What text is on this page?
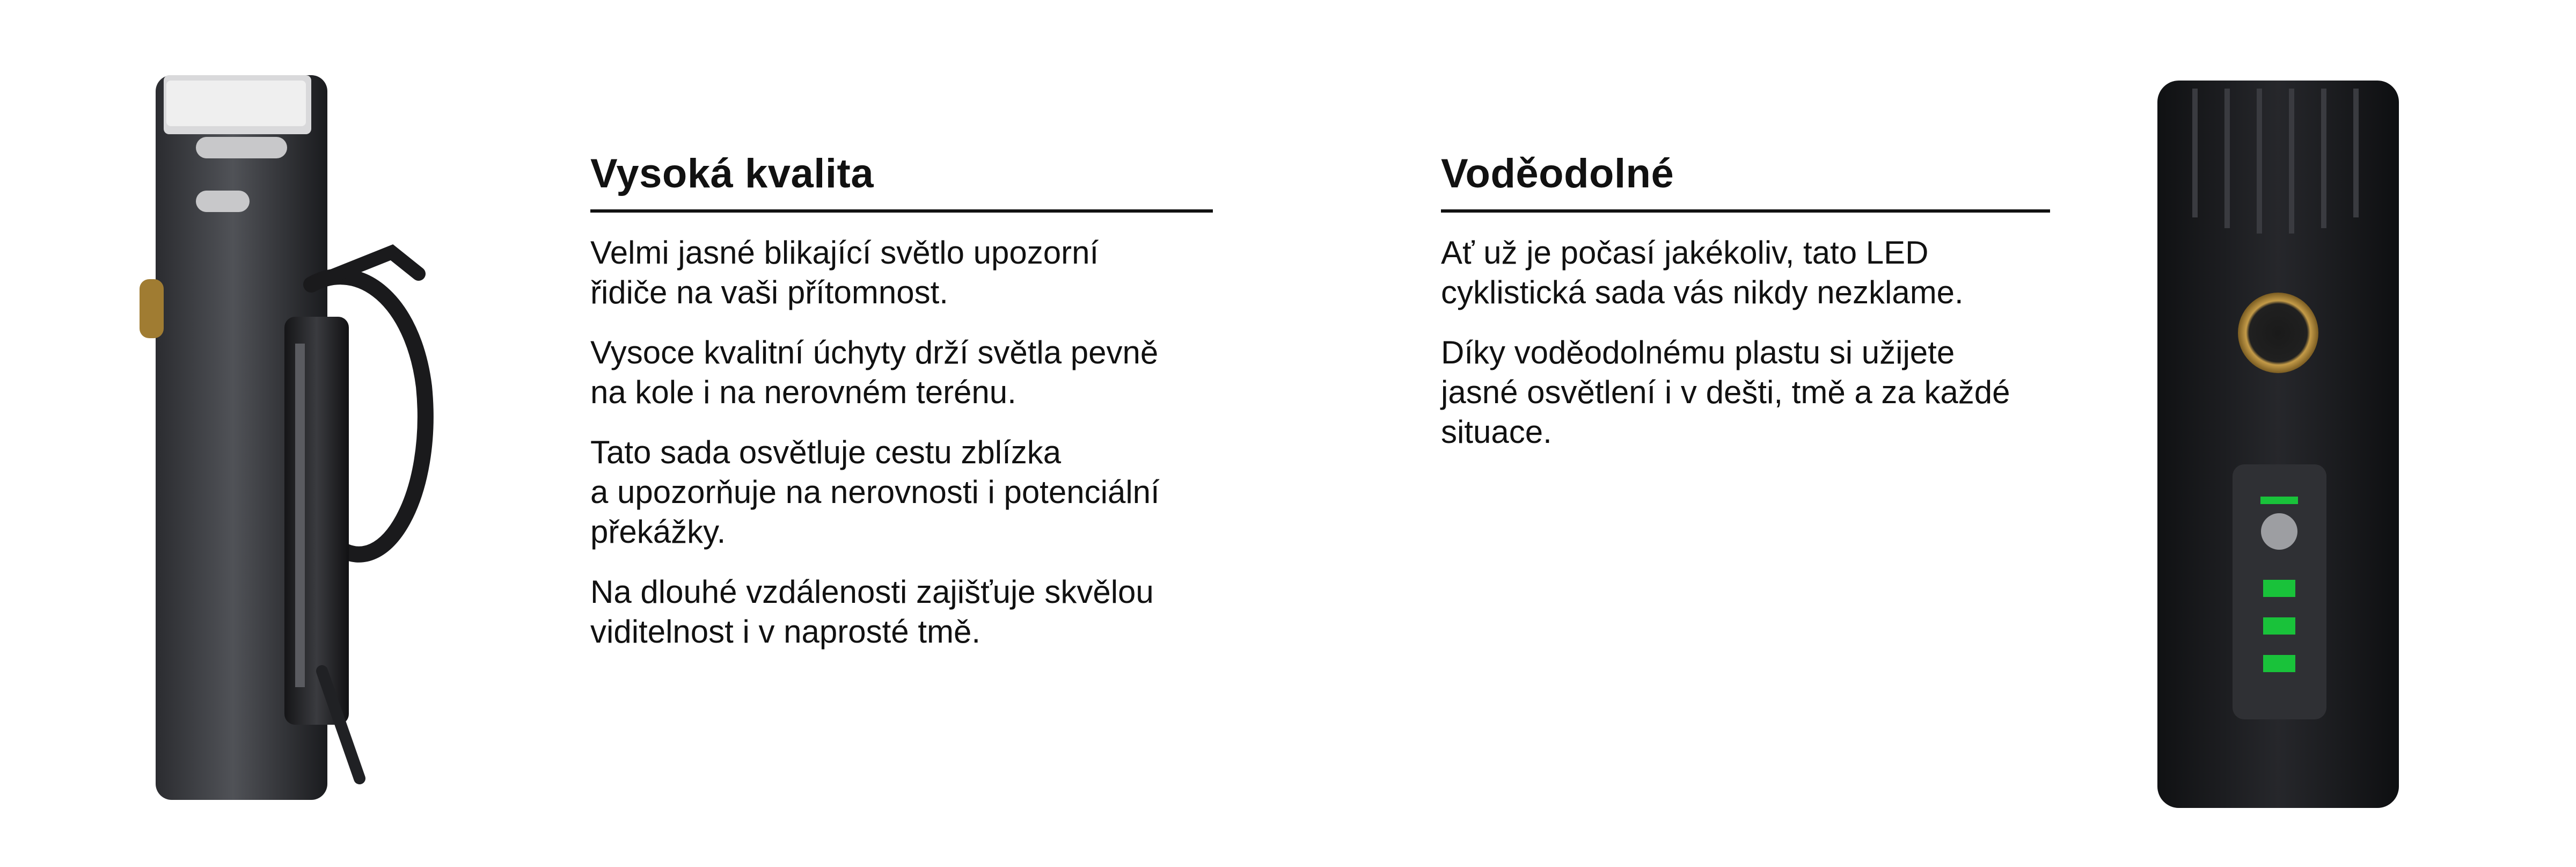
Vysoká kvalita

Velmi jasné blikající světlo upozorní
řidiče na vaši přítomnost.

Vysoce kvalitní úchyty drží světla pevně
na kole i na nerovném terénu.

Tato sada osvětluje cestu zblízka
a upozorňuje na nerovnosti i potenciální
překážky.

Na dlouhé vzdálenosti zajišťuje skvělou
viditelnost i v naprosté tmě.

Voděodolné

Ať už je počasí jakékoliv, tato LED
cyklistická sada vás nikdy nezklame.

Díky voděodolnému plastu si užijete
jasné osvětlení i v dešti, tmě a za každé
situace.
